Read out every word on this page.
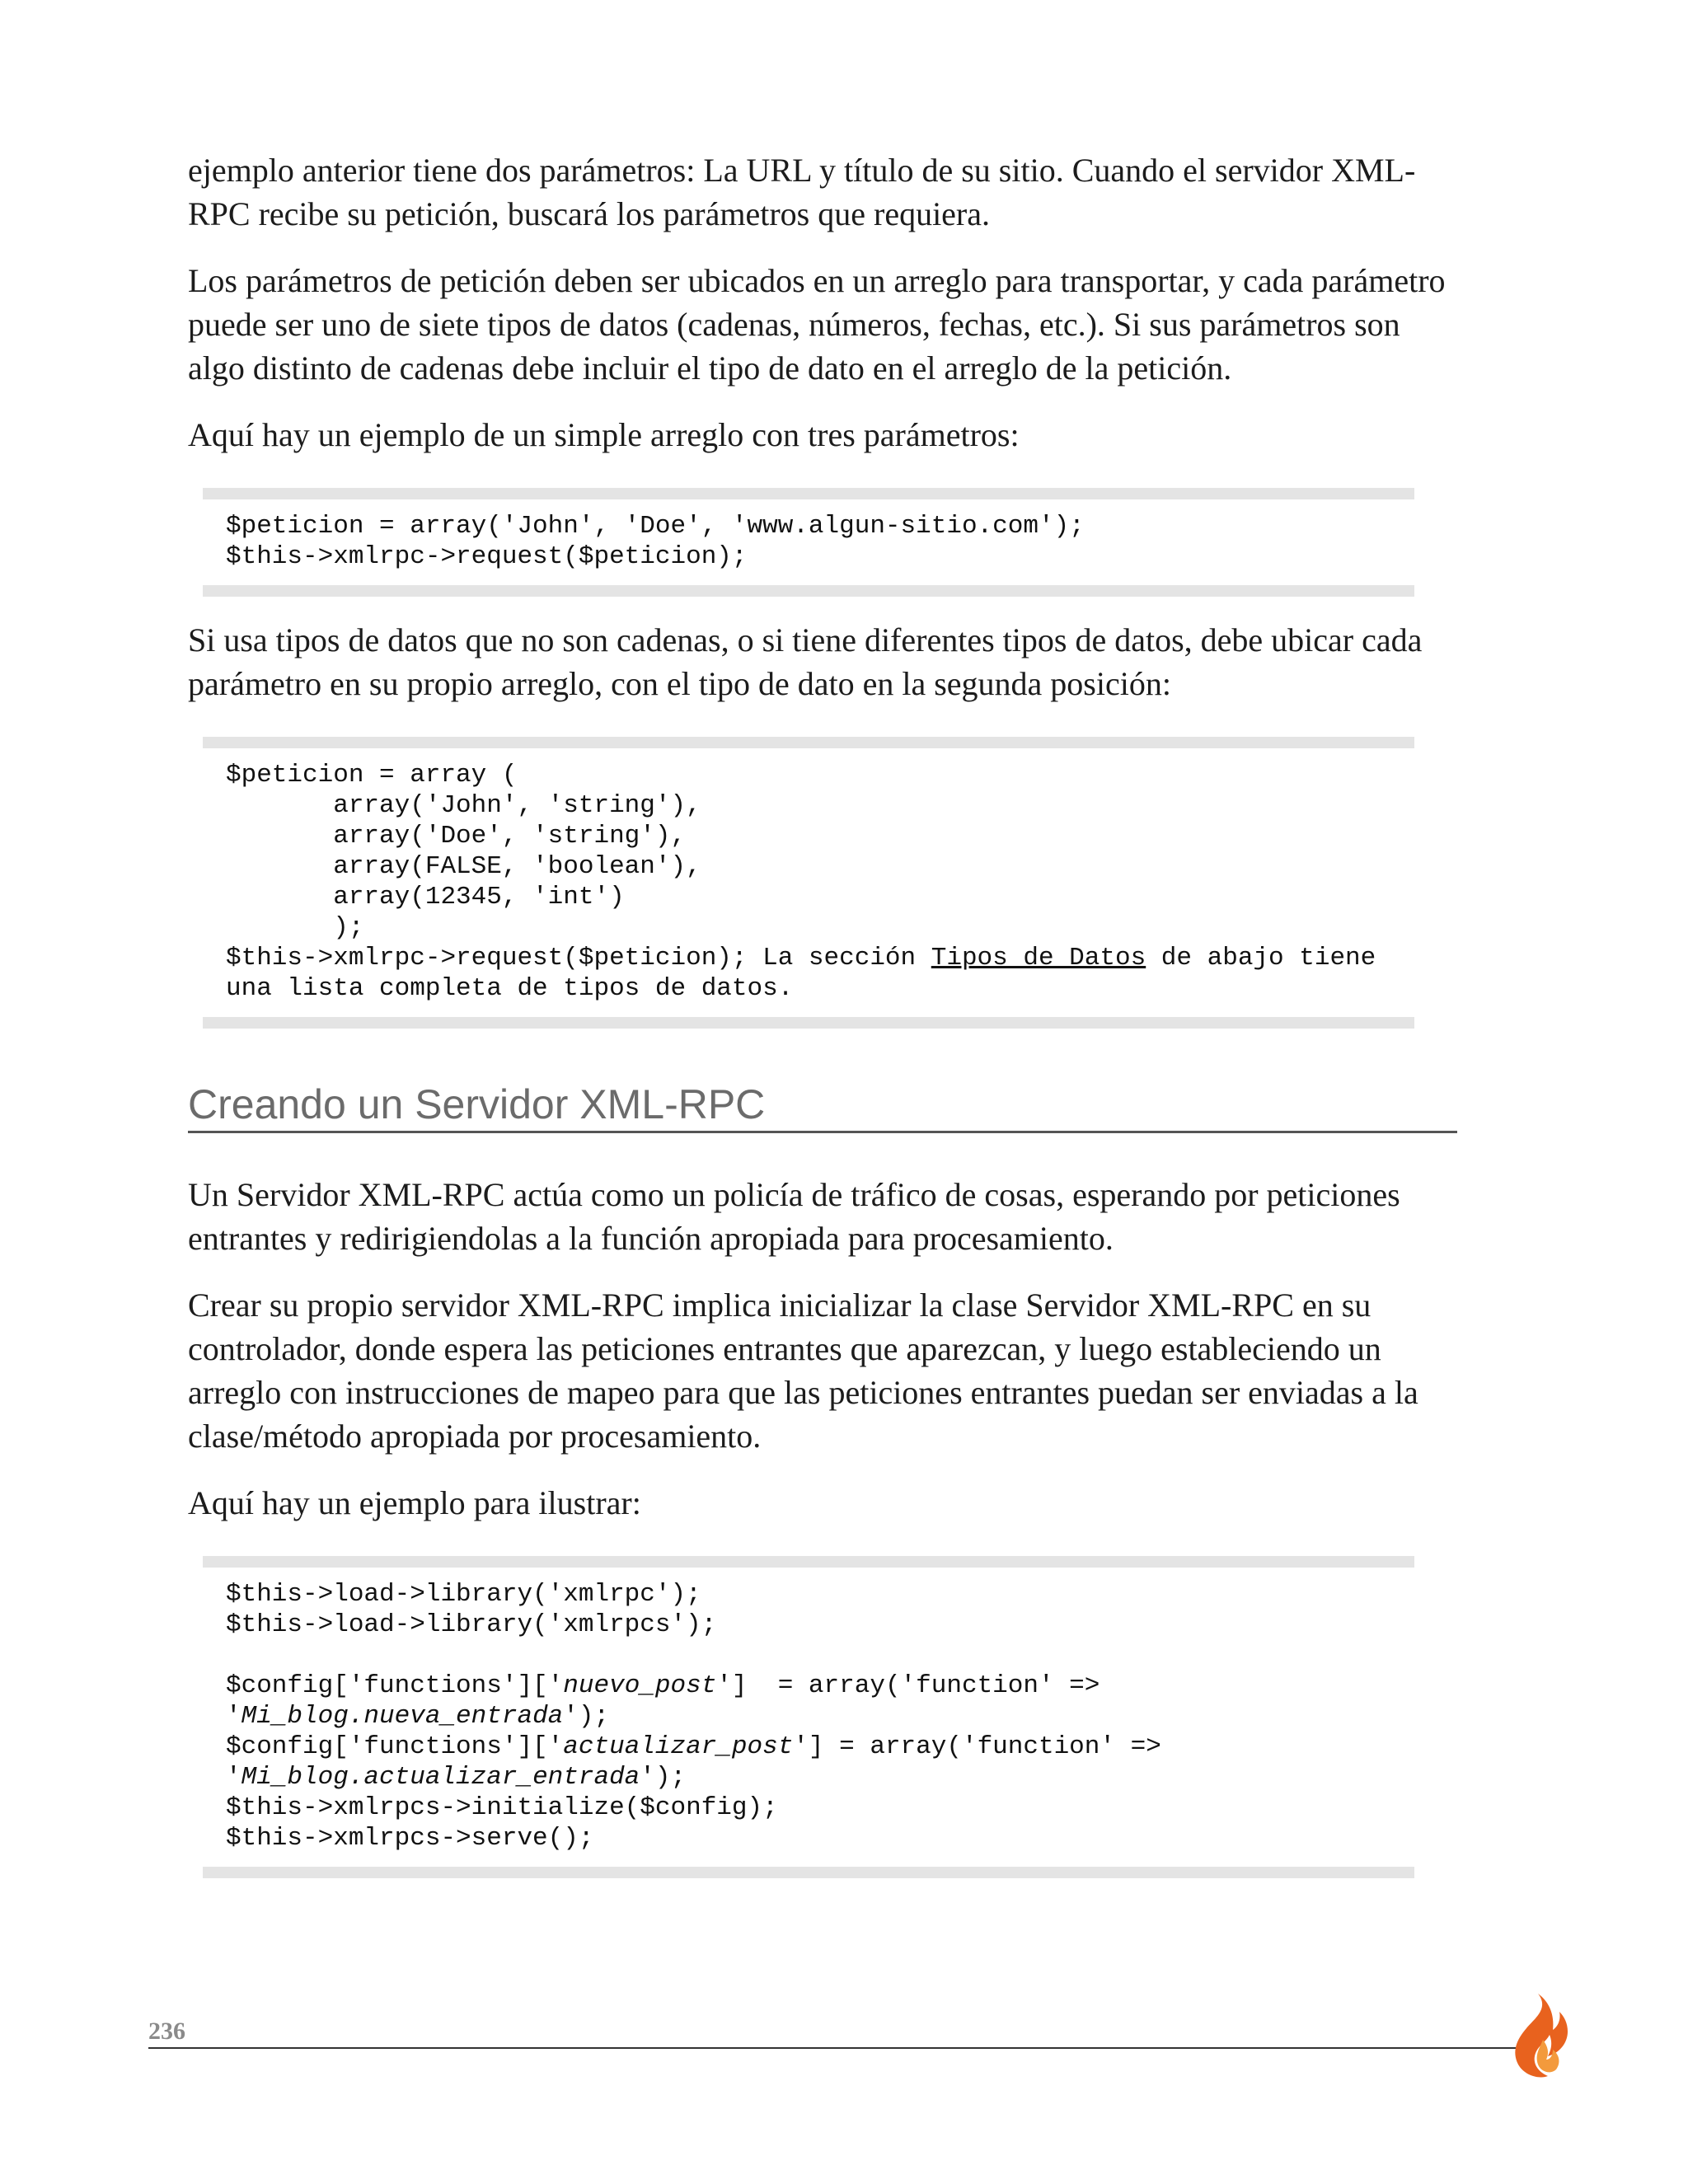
ejemplo anterior tiene dos parámetros: La URL y título de su sitio. Cuando el servidor XML-RPC recibe su petición, buscará los parámetros que requiera.

Los parámetros de petición deben ser ubicados en un arreglo para transportar, y cada parámetro puede ser uno de siete tipos de datos (cadenas, números, fechas, etc.). Si sus parámetros son algo distinto de cadenas debe incluir el tipo de dato en el arreglo de la petición.

Aquí hay un ejemplo de un simple arreglo con tres parámetros:

$peticion = array('John', 'Doe', 'www.algun-sitio.com');
$this->xmlrpc->request($peticion);

Si usa tipos de datos que no son cadenas, o si tiene diferentes tipos de datos, debe ubicar cada parámetro en su propio arreglo, con el tipo de dato en la segunda posición:

$peticion = array (
array('John', 'string'),
array('Doe', 'string'),
array(FALSE, 'boolean'),
array(12345, 'int')
);
$this->xmlrpc->request($peticion); La sección Tipos de Datos de abajo tiene
una lista completa de tipos de datos.
Creando un Servidor XML-RPC

Un Servidor XML-RPC actúa como un policía de tráfico de cosas, esperando por peticiones entrantes y redirigiendolas a la función apropiada para procesamiento.

Crear su propio servidor XML-RPC implica inicializar la clase Servidor XML-RPC en su controlador, donde espera las peticiones entrantes que aparezcan, y luego estableciendo un arreglo con instrucciones de mapeo para que las peticiones entrantes puedan ser enviadas a la clase/método apropiada por procesamiento.

Aquí hay un ejemplo para ilustrar:

$this->load->library('xmlrpc');
$this->load->library('xmlrpcs');
$config['functions']['nuevo_post']  = array('function' =>
'Mi_blog.nueva_entrada');
$config['functions']['actualizar_post'] = array('function' =>
'Mi_blog.actualizar_entrada');
$this->xmlrpcs->initialize($config);
$this->xmlrpcs->serve();
236
